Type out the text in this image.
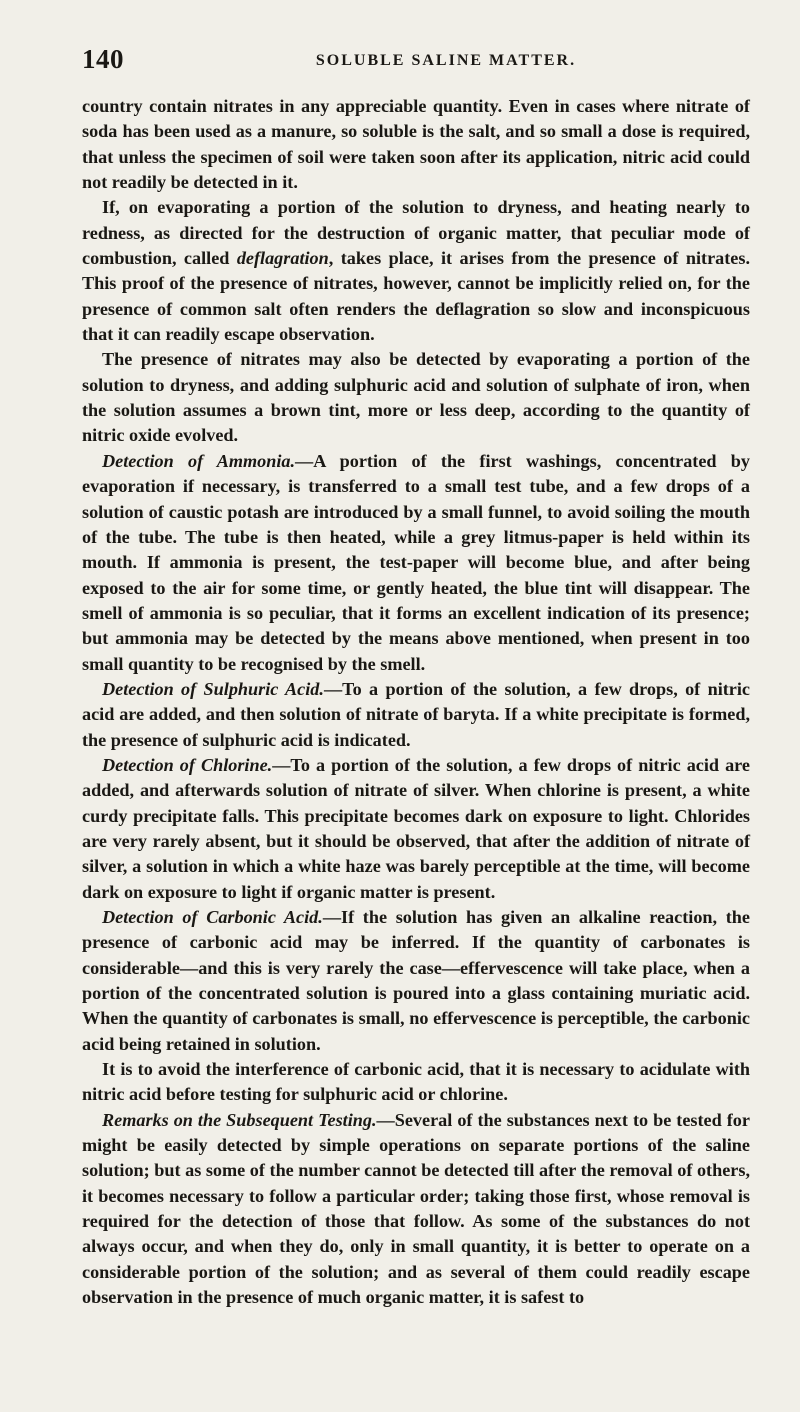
140	SOLUBLE SALINE MATTER.

country contain nitrates in any appreciable quantity. Even in cases where nitrate of soda has been used as a manure, so soluble is the salt, and so small a dose is required, that unless the specimen of soil were taken soon after its application, nitric acid could not readily be detected in it.

If, on evaporating a portion of the solution to dryness, and heating nearly to redness, as directed for the destruction of organic matter, that peculiar mode of combustion, called deflagration, takes place, it arises from the presence of nitrates. This proof of the presence of nitrates, however, cannot be implicitly relied on, for the presence of common salt often renders the deflagration so slow and inconspicuous that it can readily escape observation.

The presence of nitrates may also be detected by evaporating a portion of the solution to dryness, and adding sulphuric acid and solution of sulphate of iron, when the solution assumes a brown tint, more or less deep, according to the quantity of nitric oxide evolved.

Detection of Ammonia.—A portion of the first washings, concentrated by evaporation if necessary, is transferred to a small test tube, and a few drops of a solution of caustic potash are introduced by a small funnel, to avoid soiling the mouth of the tube. The tube is then heated, while a grey litmus-paper is held within its mouth. If ammonia is present, the test-paper will become blue, and after being exposed to the air for some time, or gently heated, the blue tint will disappear. The smell of ammonia is so peculiar, that it forms an excellent indication of its presence; but ammonia may be detected by the means above mentioned, when present in too small quantity to be recognised by the smell.

Detection of Sulphuric Acid.—To a portion of the solution, a few drops, of nitric acid are added, and then solution of nitrate of baryta. If a white precipitate is formed, the presence of sulphuric acid is indicated.

Detection of Chlorine.—To a portion of the solution, a few drops of nitric acid are added, and afterwards solution of nitrate of silver. When chlorine is present, a white curdy precipitate falls. This precipitate becomes dark on exposure to light. Chlorides are very rarely absent, but it should be observed, that after the addition of nitrate of silver, a solution in which a white haze was barely perceptible at the time, will become dark on exposure to light if organic matter is present.

Detection of Carbonic Acid.—If the solution has given an alkaline reaction, the presence of carbonic acid may be inferred. If the quantity of carbonates is considerable—and this is very rarely the case—effervescence will take place, when a portion of the concentrated solution is poured into a glass containing muriatic acid. When the quantity of carbonates is small, no effervescence is perceptible, the carbonic acid being retained in solution.

It is to avoid the interference of carbonic acid, that it is necessary to acidulate with nitric acid before testing for sulphuric acid or chlorine.

Remarks on the Subsequent Testing.—Several of the substances next to be tested for might be easily detected by simple operations on separate portions of the saline solution; but as some of the number cannot be detected till after the removal of others, it becomes necessary to follow a particular order; taking those first, whose removal is required for the detection of those that follow. As some of the substances do not always occur, and when they do, only in small quantity, it is better to operate on a considerable portion of the solution; and as several of them could readily escape observation in the presence of much organic matter, it is safest to
